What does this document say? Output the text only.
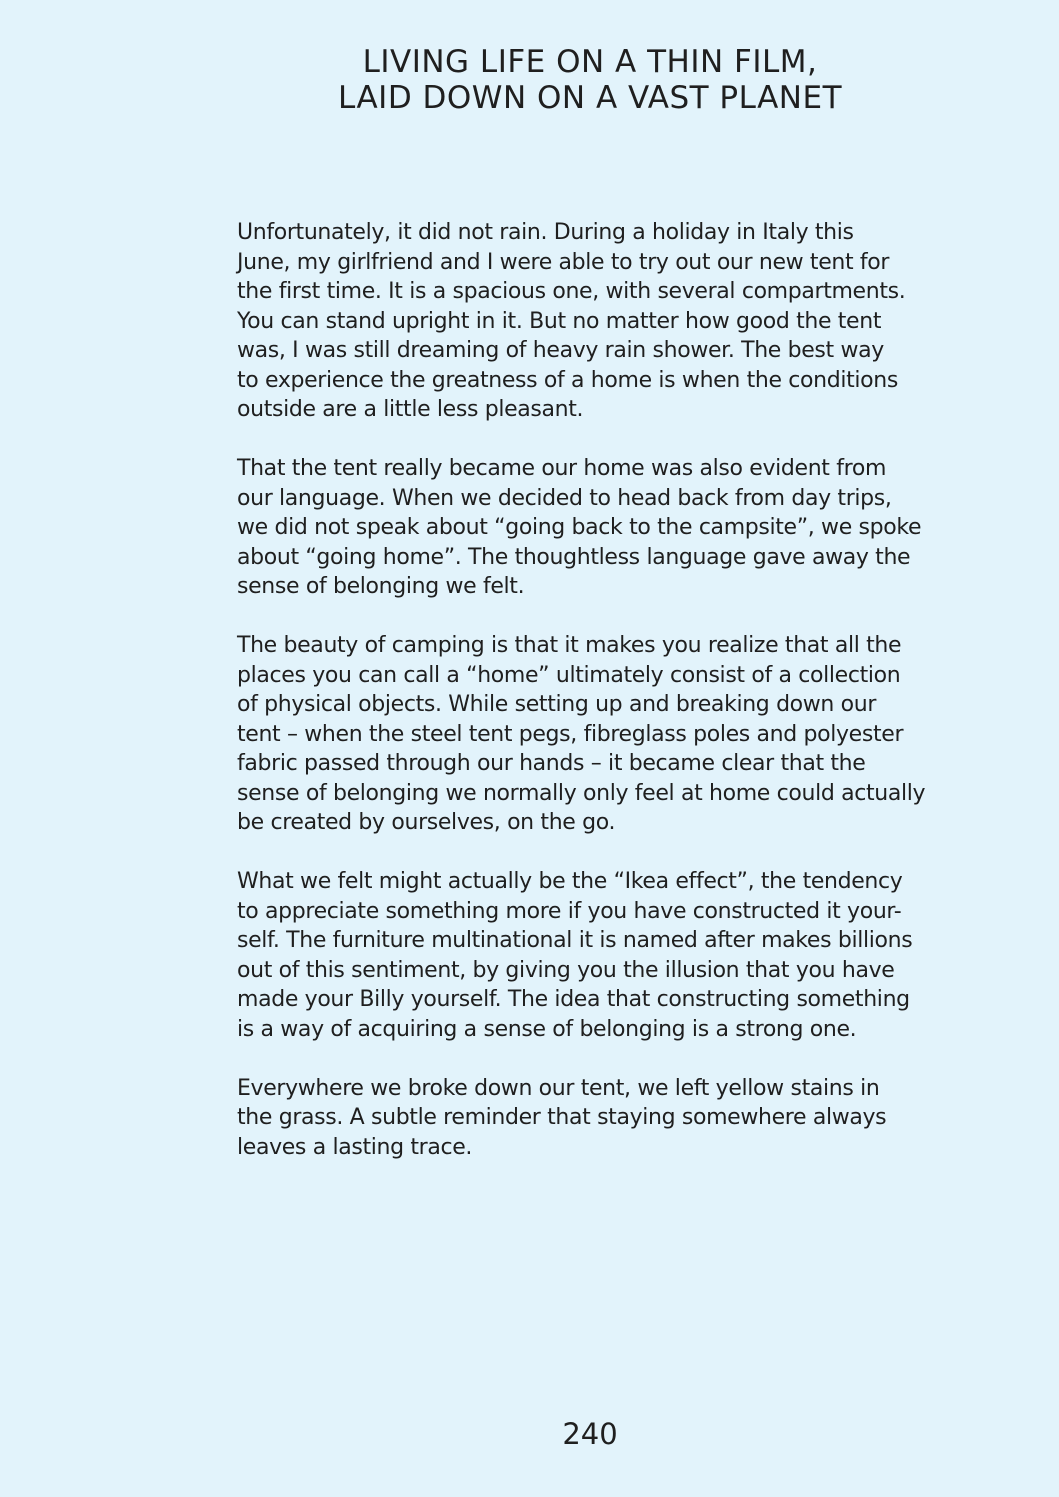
LIVING LIFE ON A THIN FILM,
LAID DOWN ON A VAST PLANET

Unfortunately, it did not rain. During a holiday in Italy this
June, my girlfriend and I were able to try out our new tent for
the first time. It is a spacious one, with several compartments.
You can stand upright in it. But no matter how good the tent
was, I was still dreaming of heavy rain shower. The best way
to experience the greatness of a home is when the conditions
outside are a little less pleasant.

That the tent really became our home was also evident from
our language. When we decided to head back from day trips,
we did not speak about “going back to the campsite”, we spoke
about “going home”. The thoughtless language gave away the
sense of belonging we felt.

The beauty of camping is that it makes you realize that all the
places you can call a “home” ultimately consist of a collection
of physical objects. While setting up and breaking down our
tent – when the steel tent pegs, fibreglass poles and polyester
fabric passed through our hands – it became clear that the
sense of belonging we normally only feel at home could actually
be created by ourselves, on the go.

What we felt might actually be the “Ikea effect”, the tendency
to appreciate something more if you have constructed it your-
self. The furniture multinational it is named after makes billions
out of this sentiment, by giving you the illusion that you have
made your Billy yourself. The idea that constructing something
is a way of acquiring a sense of belonging is a strong one.

Everywhere we broke down our tent, we left yellow stains in
the grass. A subtle reminder that staying somewhere always
leaves a lasting trace.

240
